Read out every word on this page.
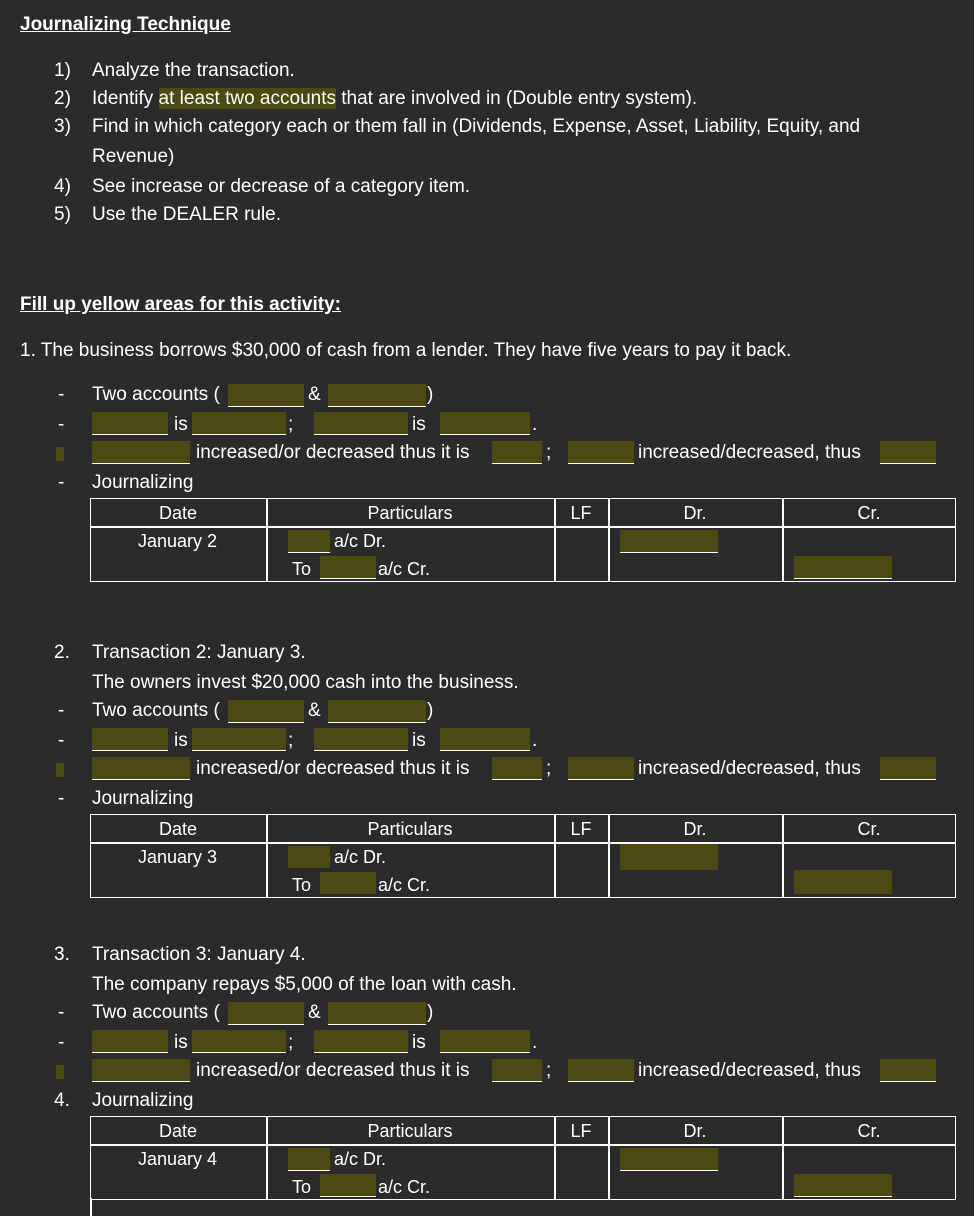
Journalizing Technique
1) Analyze the transaction.
2) Identify at least two accounts that are involved in (Double entry system).
3) Find in which category each or them fall in (Dividends, Expense, Asset, Liability, Equity, and
Revenue)
4) See increase or decrease of a category item.
5) Use the DEALER rule.
Fill up yellow areas for this activity:
1. The business borrows $30,000 of cash from a lender. They have five years to pay it back.
- Two accounts (	&	)
-	is	;	is	.
increased/or decreased thus it is	;	increased/decreased, thus
- Journalizing
Date	Particulars	LF	Dr.	Cr.
January 2	a/c Dr.
To	a/c Cr.
2. Transaction 2: January 3.
The owners invest $20,000 cash into the business.
- Two accounts (	&	)
-	is	;	is	.
increased/or decreased thus it is	;	increased/decreased, thus
- Journalizing
Date	Particulars	LF	Dr.	Cr.
January 3	a/c Dr.
To	a/c Cr.
3. Transaction 3: January 4.
The company repays $5,000 of the loan with cash.
- Two accounts (	&	)
-	is	;	is	.
increased/or decreased thus it is	;	increased/decreased, thus
4. Journalizing
Date	Particulars	LF	Dr.	Cr.
January 4	a/c Dr.
To	a/c Cr.
